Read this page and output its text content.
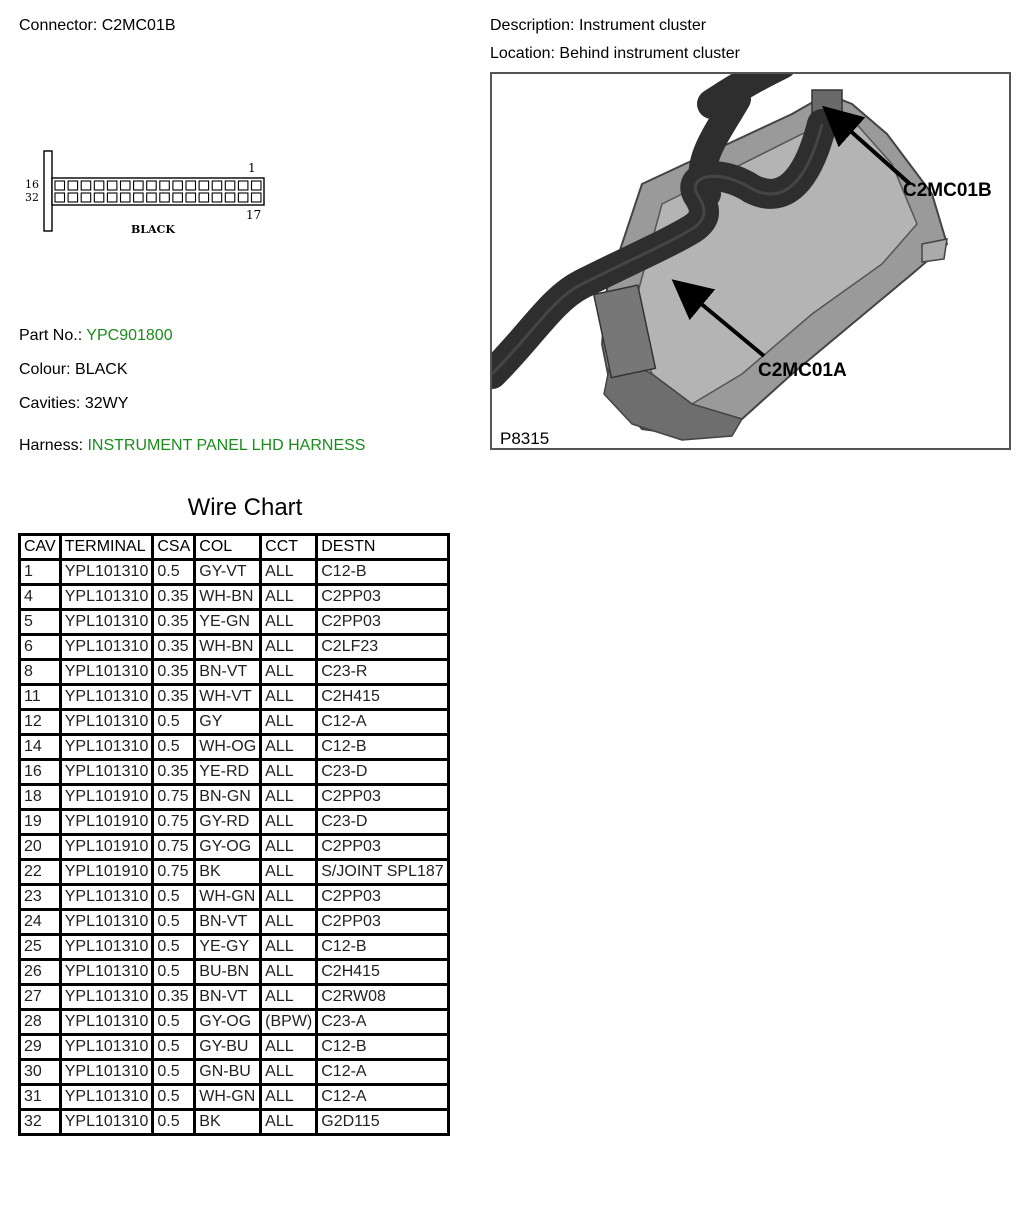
Connector: C2MC01B	Description: Instrument cluster
Location: Behind instrument cluster
1
16
32
17
BLACK
C2MC01B
C2MC01A
P8315
Part No.: YPC901800
Colour: BLACK
Cavities: 32WY
Harness: INSTRUMENT PANEL LHD HARNESS
Wire Chart
CAV	TERMINAL	CSA	COL	CCT	DESTN
1	YPL101310	0.5	GY-VT	ALL	C12-B
4	YPL101310	0.35	WH-BN	ALL	C2PP03
5	YPL101310	0.35	YE-GN	ALL	C2PP03
6	YPL101310	0.35	WH-BN	ALL	C2LF23
8	YPL101310	0.35	BN-VT	ALL	C23-R
11	YPL101310	0.35	WH-VT	ALL	C2H415
12	YPL101310	0.5	GY	ALL	C12-A
14	YPL101310	0.5	WH-OG	ALL	C12-B
16	YPL101310	0.35	YE-RD	ALL	C23-D
18	YPL101910	0.75	BN-GN	ALL	C2PP03
19	YPL101910	0.75	GY-RD	ALL	C23-D
20	YPL101910	0.75	GY-OG	ALL	C2PP03
22	YPL101910	0.75	BK	ALL	S/JOINT SPL187
23	YPL101310	0.5	WH-GN	ALL	C2PP03
24	YPL101310	0.5	BN-VT	ALL	C2PP03
25	YPL101310	0.5	YE-GY	ALL	C12-B
26	YPL101310	0.5	BU-BN	ALL	C2H415
27	YPL101310	0.35	BN-VT	ALL	C2RW08
28	YPL101310	0.5	GY-OG	(BPW)	C23-A
29	YPL101310	0.5	GY-BU	ALL	C12-B
30	YPL101310	0.5	GN-BU	ALL	C12-A
31	YPL101310	0.5	WH-GN	ALL	C12-A
32	YPL101310	0.5	BK	ALL	G2D115
